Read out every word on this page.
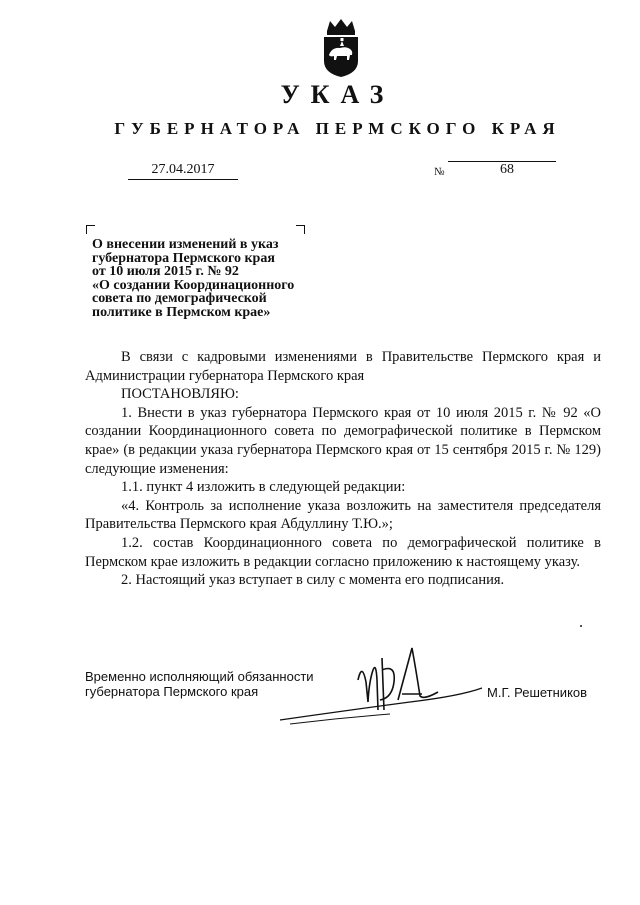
УКАЗ
ГУБЕРНАТОРА ПЕРМСКОГО КРАЯ
27.04.2017	№	68
О внесении изменений в указ
губернатора Пермского края
от 10 июля 2015 г. № 92
«О создании Координационного
совета по демографической
политике в Пермском крае»

В связи с кадровыми изменениями в Правительстве Пермского края и Администрации губернатора Пермского края

ПОСТАНОВЛЯЮ:

1. Внести в указ губернатора Пермского края от 10 июля 2015 г. № 92 «О создании Координационного совета по демографической политике в Пермском крае» (в редакции указа губернатора Пермского края от 15 сентября 2015 г. № 129) следующие изменения:

1.1. пункт 4 изложить в следующей редакции:

«4. Контроль за исполнение указа возложить на заместителя председателя Правительства Пермского края Абдуллину Т.Ю.»;

1.2. состав Координационного совета по демографической политике в Пермском крае изложить в редакции согласно приложению к настоящему указу.

2. Настоящий указ вступает в силу с момента его подписания.

Временно исполняющий обязанности
губернатора Пермского края	М.Г. Решетников
